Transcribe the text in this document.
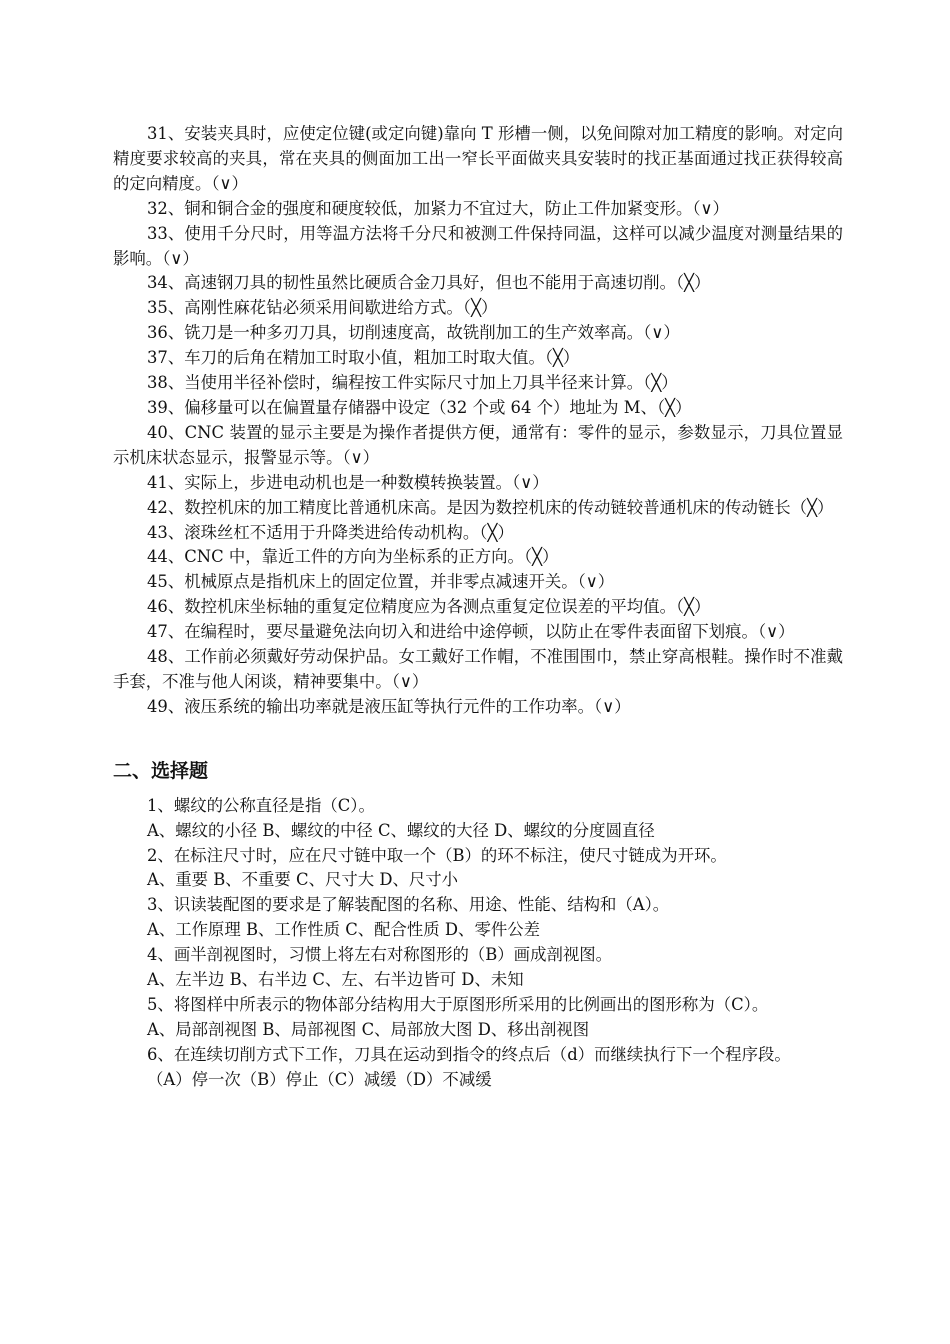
31、安装夹具时，应使定位键(或定向键)靠向 T 形槽一侧，以免间隙对加工精度的影响。对定向精度要求较高的夹具，常在夹具的侧面加工出一窄长平面做夹具安装时的找正基面通过找正获得较高的定向精度。（∨）

32、铜和铜合金的强度和硬度较低，加紧力不宜过大，防止工件加紧变形。（∨）

33、使用千分尺时，用等温方法将千分尺和被测工件保持同温，这样可以减少温度对测量结果的影响。（∨）

34、高速钢刀具的韧性虽然比硬质合金刀具好，但也不能用于高速切削。（╳）

35、高刚性麻花钻必须采用间歇进给方式。（╳）

36、铣刀是一种多刃刀具，切削速度高，故铣削加工的生产效率高。（∨）

37、车刀的后角在精加工时取小值，粗加工时取大值。（╳）

38、当使用半径补偿时，编程按工件实际尺寸加上刀具半径来计算。（╳）

39、偏移量可以在偏置量存储器中设定（32 个或 64 个）地址为 M、（╳）

40、CNC 装置的显示主要是为操作者提供方便，通常有：零件的显示，参数显示，刀具位置显示机床状态显示，报警显示等。（∨）

41、实际上，步进电动机也是一种数模转换装置。（∨）

42、数控机床的加工精度比普通机床高。是因为数控机床的传动链较普通机床的传动链长（╳）

43、滚珠丝杠不适用于升降类进给传动机构。（╳）

44、CNC 中，靠近工件的方向为坐标系的正方向。（╳）

45、机械原点是指机床上的固定位置，并非零点减速开关。（∨）

46、数控机床坐标轴的重复定位精度应为各测点重复定位误差的平均值。（╳）

47、在编程时，要尽量避免法向切入和进给中途停顿，以防止在零件表面留下划痕。（∨）

48、工作前必须戴好劳动保护品。女工戴好工作帽，不准围围巾，禁止穿高根鞋。操作时不准戴手套，不准与他人闲谈，精神要集中。（∨）

49、液压系统的输出功率就是液压缸等执行元件的工作功率。（∨）

二、选择题

1、螺纹的公称直径是指（C）。

A、螺纹的小径 B、螺纹的中径 C、螺纹的大径 D、螺纹的分度圆直径

2、在标注尺寸时，应在尺寸链中取一个（B）的环不标注，使尺寸链成为开环。

A、重要 B、不重要 C、尺寸大 D、尺寸小

3、识读装配图的要求是了解装配图的名称、用途、性能、结构和（A）。

A、工作原理 B、工作性质 C、配合性质 D、零件公差

4、画半剖视图时，习惯上将左右对称图形的（B）画成剖视图。

A、左半边 B、右半边 C、左、右半边皆可 D、未知

5、将图样中所表示的物体部分结构用大于原图形所采用的比例画出的图形称为（C）。

A、局部剖视图 B、局部视图 C、局部放大图 D、移出剖视图

6、在连续切削方式下工作，刀具在运动到指令的终点后（d）而继续执行下一个程序段。

（A）停一次（B）停止（C）减缓（D）不减缓
